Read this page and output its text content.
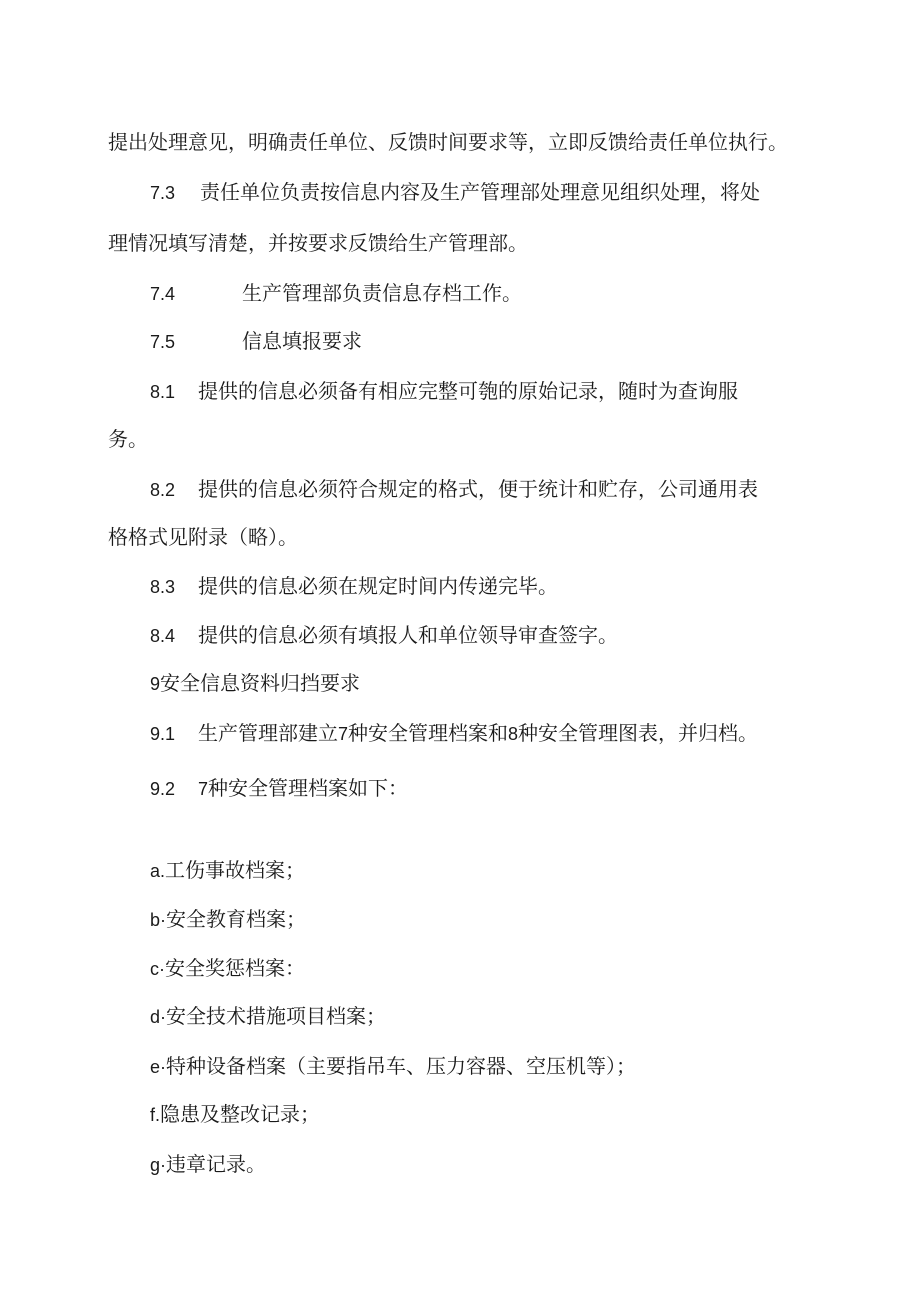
提出处理意见，明确责任单位、反馈时间要求等，立即反馈给责任单位执行。
7.3 责任单位负责按信息内容及生产管理部处理意见组织处理，将处
理情况填写清楚，并按要求反馈给生产管理部。
7.4	生产管理部负责信息存档工作。
7.5	信息填报要求
8.1 提供的信息必须备有相应完整可匏的原始记录，随时为查询服
务。
8.2 提供的信息必须符合规定的格式，便于统计和贮存，公司通用表
格格式见附录（略）。
8.3 提供的信息必须在规定时间内传递完毕。
8.4 提供的信息必须有填报人和单位领导审查签字。
9安全信息资料归挡要求
9.1 生产管理部建立7种安全管理档案和8种安全管理图表，并归档。
9.2 7种安全管理档案如下：
a.工伤事故档案；
b·安全教育档案；
c·安全奖惩档案：
d·安全技术措施项目档案；
e·特种设备档案（主要指吊车、压力容器、空压机等）；
f.隐患及整改记录；
g·违章记录。
